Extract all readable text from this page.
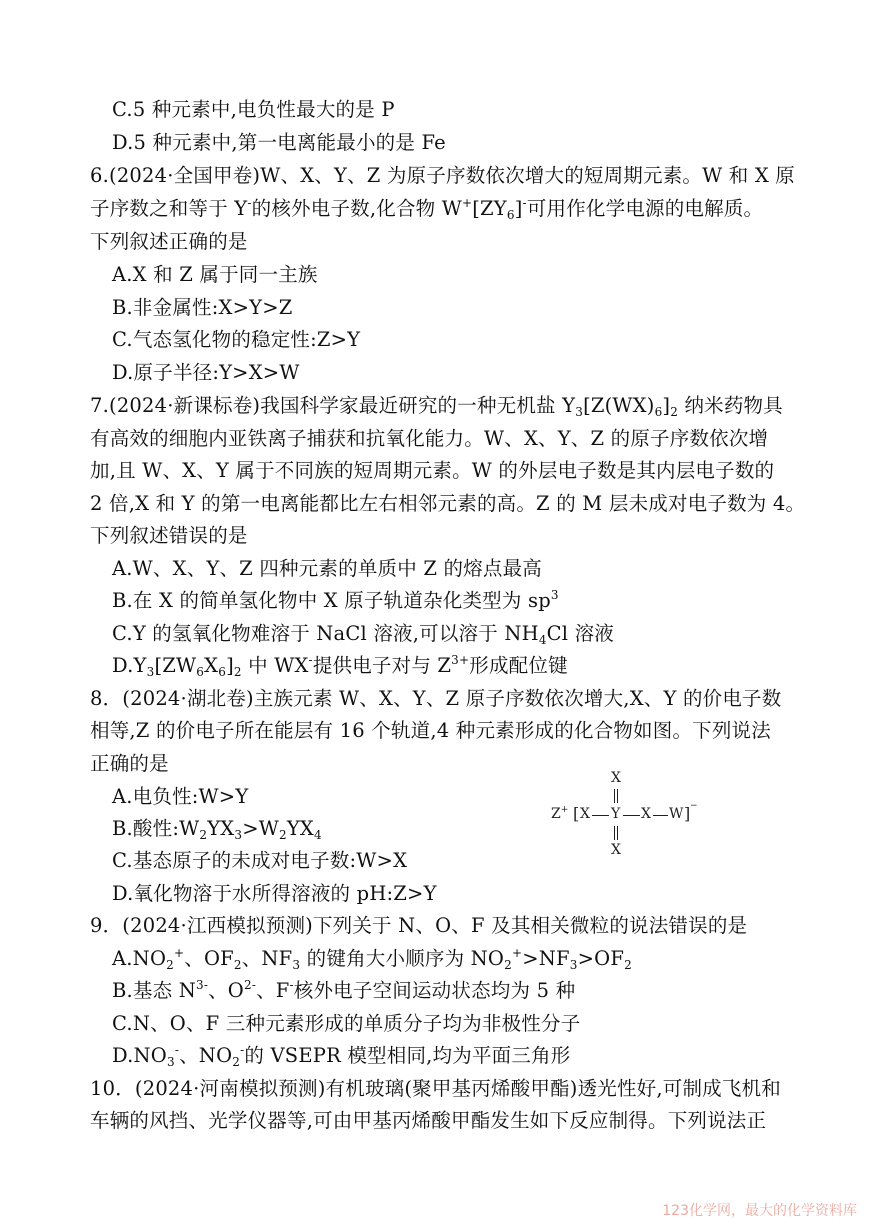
C.5 种元素中,电负性最大的是 P
D.5 种元素中,第一电离能最小的是 Fe
6.(2024·全国甲卷)W、X、Y、Z 为原子序数依次增大的短周期元素。W 和 X 原
子序数之和等于 Y-的核外电子数,化合物 $W^+[ZY_6]^-$可用作化学电源的电解质。
下列叙述正确的是
A.X 和 Z 属于同一主族
B.非金属性:X>Y>Z
C.气态氢化物的稳定性:Z>Y
D.原子半径:Y>X>W
7.(2024·新课标卷)我国科学家最近研究的一种无机盐 $Y_3[Z(WX)_6]_2$ 纳米药物具
有高效的细胞内亚铁离子捕获和抗氧化能力。W、X、Y、Z 的原子序数依次增
加,且 W、X、Y 属于不同族的短周期元素。W 的外层电子数是其内层电子数的
2 倍,X 和 Y 的第一电离能都比左右相邻元素的高。Z 的 M 层未成对电子数为 4。
下列叙述错误的是
A.W、X、Y、Z 四种元素的单质中 Z 的熔点最高
B.在 X 的简单氢化物中 X 原子轨道杂化类型为 $sp^3$
C.Y 的氢氧化物难溶于 NaCl 溶液,可以溶于 $NH_4Cl$ 溶液
$D.Y_3[ZW_6X_6]_2$ 中 WX-提供电子对与 $Z^{3+}$形成配位键
8．(2024·湖北卷)主族元素 W、X、Y、Z 原子序数依次增大,X、Y 的价电子数
相等,Z 的价电子所在能层有 16 个轨道,4 种元素形成的化合物如图。下列说法
正确的是
A.电负性:W>Y
B.酸性$:W_2YX_3>W_2YX_4$
C.基态原子的未成对电子数:W>X
D.氧化物溶于水所得溶液的 pH:Z>Y
X
Z+ [ X Y X W ] −
X
9．(2024·江西模拟预测)下列关于 N、O、F 及其相关微粒的说法错误的是
$A.NO_2^+$、$OF_2$、$NF_3$ 的键角大小顺序为 $NO_2^+>NF_3>OF_2$
B.基态 $N^{3-}$、$O^{2-}$、F-核外电子空间运动状态均为 5 种
C.N、O、F 三种元素形成的单质分子均为非极性分子
$D.NO_3^-$、$NO_2^-$的 VSEPR 模型相同,均为平面三角形
10．(2024·河南模拟预测)有机玻璃(聚甲基丙烯酸甲酯)透光性好,可制成飞机和
车辆的风挡、光学仪器等,可由甲基丙烯酸甲酯发生如下反应制得。下列说法正
123化学网，最大的化学资料库
